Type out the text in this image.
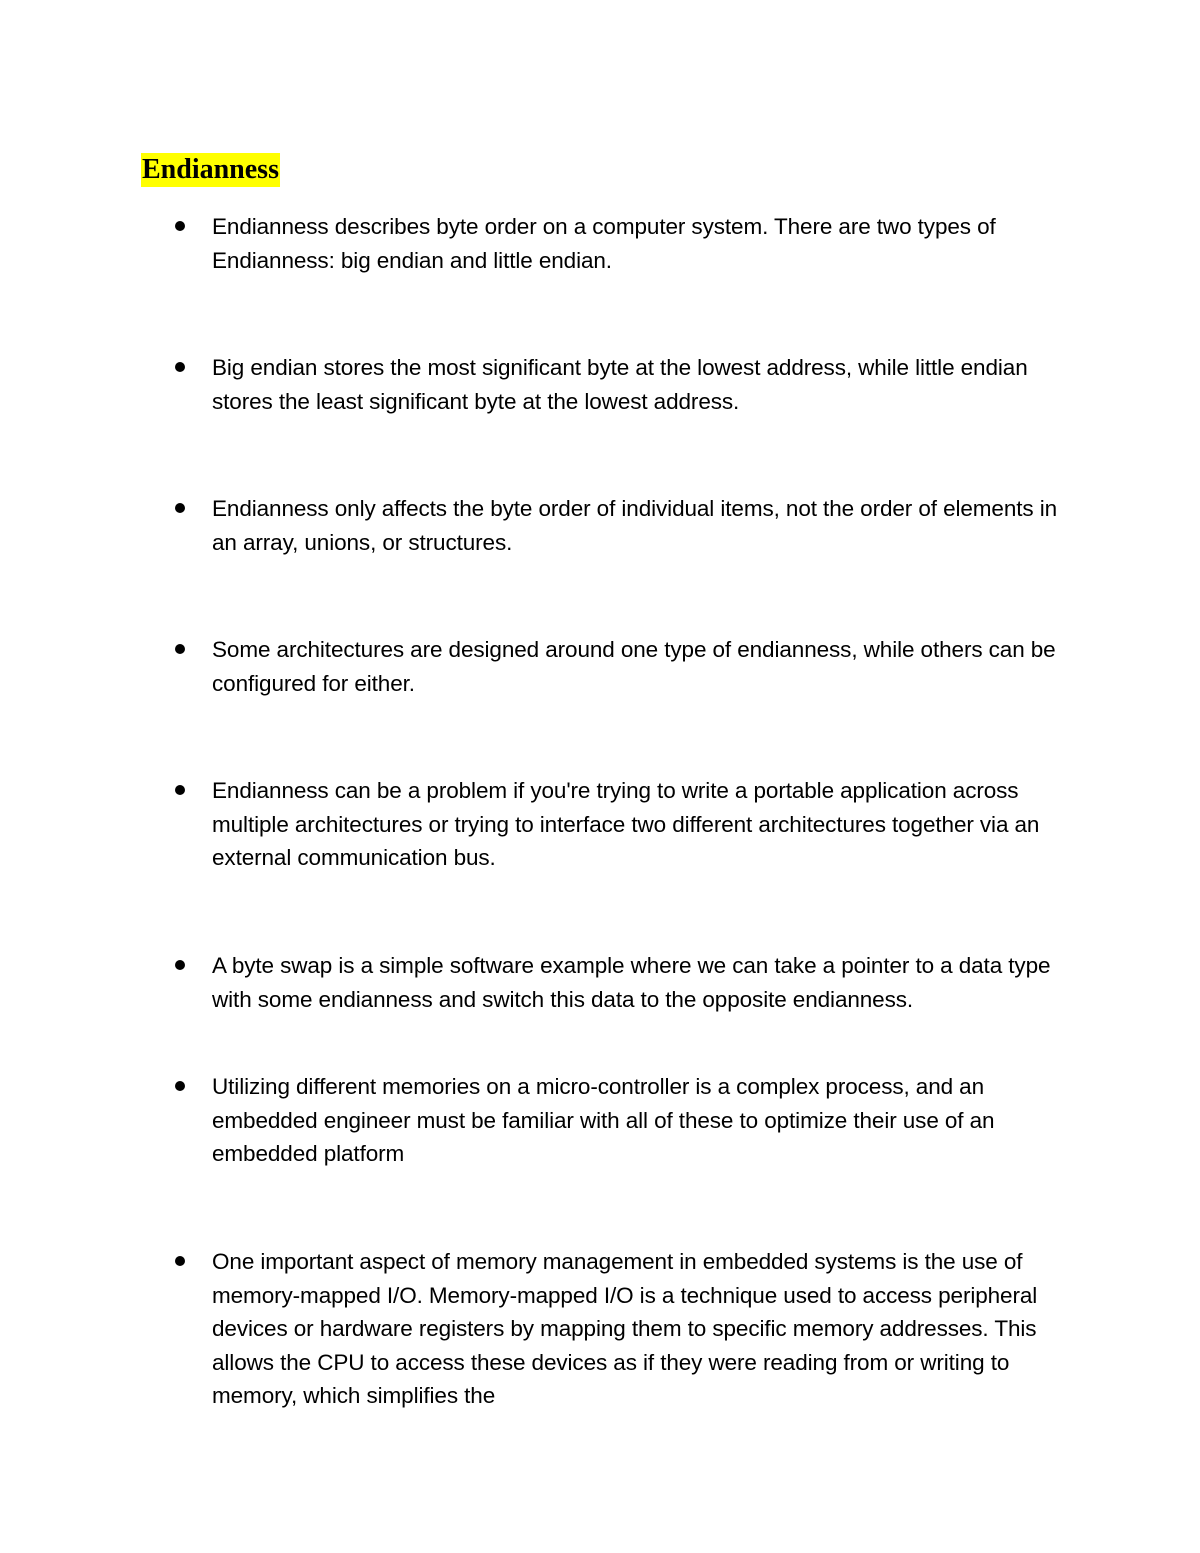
Endianness
Endianness describes byte order on a computer system. There are two types of Endianness: big endian and little endian.
Big endian stores the most significant byte at the lowest address, while little endian stores the least significant byte at the lowest address.
Endianness only affects the byte order of individual items, not the order of elements in an array, unions, or structures.
Some architectures are designed around one type of endianness, while others can be configured for either.
Endianness can be a problem if you're trying to write a portable application across multiple architectures or trying to interface two different architectures together via an external communication bus.
A byte swap is a simple software example where we can take a pointer to a data type with some endianness and switch this data to the opposite endianness.
Utilizing different memories on a micro-controller is a complex process, and an embedded engineer must be familiar with all of these to optimize their use of an embedded platform
One important aspect of memory management in embedded systems is the use of memory-mapped I/O. Memory-mapped I/O is a technique used to access peripheral devices or hardware registers by mapping them to specific memory addresses. This allows the CPU to access these devices as if they were reading from or writing to memory, which simplifies the
